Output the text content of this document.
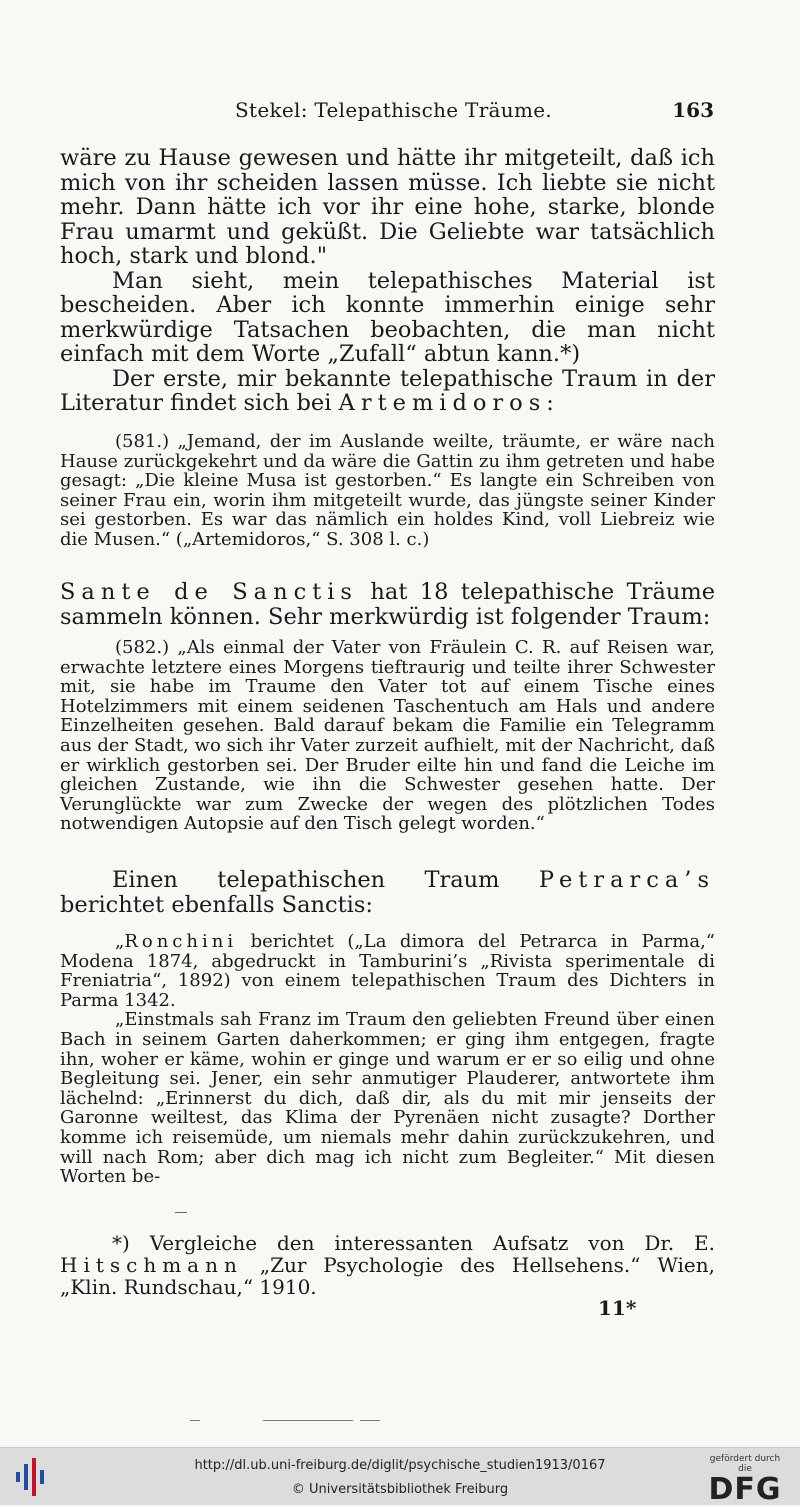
Stekel: Telepathische Träume.	163

wäre zu Hause gewesen und hätte ihr mitgeteilt, daß ich mich von ihr scheiden lassen müsse. Ich liebte sie nicht mehr. Dann hätte ich vor ihr eine hohe, starke, blonde Frau umarmt und geküßt. Die Geliebte war tatsächlich hoch, stark und blond."

Man sieht, mein telepathisches Material ist bescheiden. Aber ich konnte immerhin einige sehr merkwürdige Tatsachen beobachten, die man nicht einfach mit dem Worte „Zufall“ abtun kann.*)

Der erste, mir bekannte telepathische Traum in der Literatur findet sich bei Artemidoros:

(581.) „Jemand, der im Auslande weilte, träumte, er wäre nach Hause zurückgekehrt und da wäre die Gattin zu ihm getreten und habe gesagt: „Die kleine Musa ist gestorben.“ Es langte ein Schreiben von seiner Frau ein, worin ihm mitgeteilt wurde, das jüngste seiner Kinder sei gestorben. Es war das nämlich ein holdes Kind, voll Liebreiz wie die Musen.“ („Artemidoros,“ S. 308 l. c.)

Sante de Sanctis hat 18 telepathische Träume sammeln können. Sehr merkwürdig ist folgender Traum:

(582.) „Als einmal der Vater von Fräulein C. R. auf Reisen war, erwachte letztere eines Morgens tieftraurig und teilte ihrer Schwester mit, sie habe im Traume den Vater tot auf einem Tische eines Hotelzimmers mit einem seidenen Taschentuch am Hals und andere Einzelheiten gesehen. Bald darauf bekam die Familie ein Telegramm aus der Stadt, wo sich ihr Vater zurzeit aufhielt, mit der Nachricht, daß er wirklich gestorben sei. Der Bruder eilte hin und fand die Leiche im gleichen Zustande, wie ihn die Schwester gesehen hatte. Der Verunglückte war zum Zwecke der wegen des plötzlichen Todes notwendigen Autopsie auf den Tisch gelegt worden.“

Einen telepathischen Traum Petrarca’s berichtet ebenfalls Sanctis:

„Ronchini berichtet („La dimora del Petrarca in Parma,“ Modena 1874, abgedruckt in Tamburini’s „Rivista sperimentale di Freniatria“, 1892) von einem telepathischen Traum des Dichters in Parma 1342.

„Einstmals sah Franz im Traum den geliebten Freund über einen Bach in seinem Garten daherkommen; er ging ihm entgegen, fragte ihn, woher er käme, wohin er ginge und warum er er so eilig und ohne Begleitung sei. Jener, ein sehr anmutiger Plauderer, antwortete ihm lächelnd: „Erinnerst du dich, daß dir, als du mit mir jenseits der Garonne weiltest, das Klima der Pyrenäen nicht zusagte? Dorther komme ich reisemüde, um niemals mehr dahin zurückzukehren, und will nach Rom; aber dich mag ich nicht zum Begleiter.“ Mit diesen Worten be-

*) Vergleiche den interessanten Aufsatz von Dr. E. Hitschmann „Zur Psychologie des Hellsehens.“ Wien, „Klin. Rundschau,“ 1910.

11*
http://dl.ub.uni-freiburg.de/diglit/psychische_studien1913/0167
© Universitätsbibliothek Freiburg
gefördert durch die
DFG
